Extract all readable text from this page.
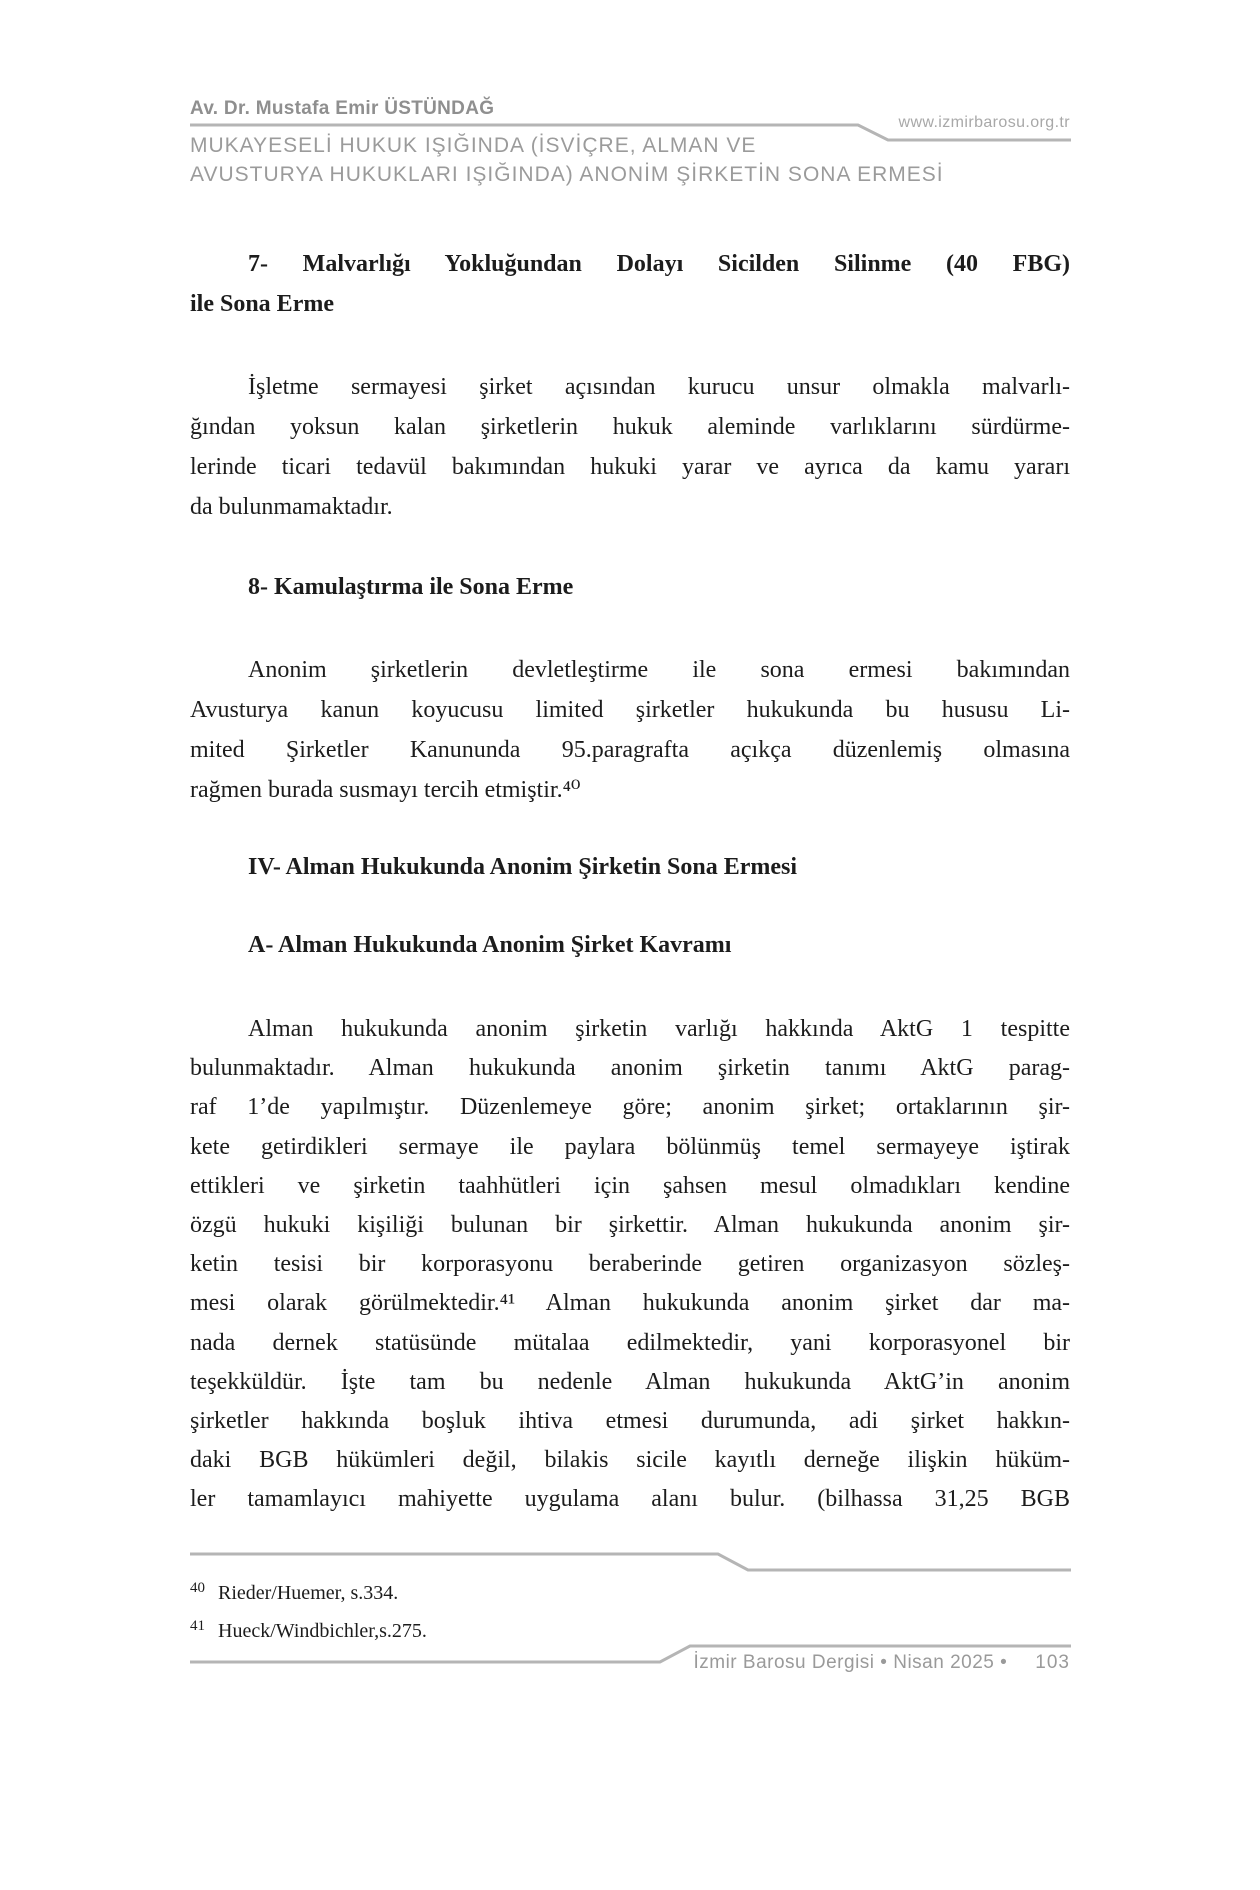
Av. Dr. Mustafa Emir ÜSTÜNDAĞ
www.izmirbarosu.org.tr
MUKAYESELİ HUKUK IŞIĞINDA (İSVİÇRE, ALMAN VE
AVUSTURYA HUKUKLARI IŞIĞINDA) ANONİM ŞİRKETİN SONA ERMESİ
7- Malvarlığı Yokluğundan Dolayı Sicilden Silinme (40 FBG)
ile Sona Erme
İşletme sermayesi şirket açısından kurucu unsur olmakla malvarlı-
ğından yoksun kalan şirketlerin hukuk aleminde varlıklarını sürdürme-
lerinde ticari tedavül bakımından hukuki yarar ve ayrıca da kamu yararı
da bulunmamaktadır.
8- Kamulaştırma ile Sona Erme
Anonim şirketlerin devletleştirme ile sona ermesi bakımından
Avusturya kanun koyucusu limited şirketler hukukunda bu hususu Li-
mited Şirketler Kanununda 95.paragrafta açıkça düzenlemiş olmasına
rağmen burada susmayı tercih etmiştir.⁴⁰
IV- Alman Hukukunda Anonim Şirketin Sona Ermesi
A- Alman Hukukunda Anonim Şirket Kavramı
Alman hukukunda anonim şirketin varlığı hakkında AktG 1 tespitte
bulunmaktadır. Alman hukukunda anonim şirketin tanımı AktG parag-
raf 1’de yapılmıştır. Düzenlemeye göre; anonim şirket; ortaklarının şir-
kete getirdikleri sermaye ile paylara bölünmüş temel sermayeye iştirak
ettikleri ve şirketin taahhütleri için şahsen mesul olmadıkları kendine
özgü hukuki kişiliği bulunan bir şirkettir. Alman hukukunda anonim şir-
ketin tesisi bir korporasyonu beraberinde getiren organizasyon sözleş-
mesi olarak görülmektedir.⁴¹ Alman hukukunda anonim şirket dar ma-
nada dernek statüsünde mütalaa edilmektedir, yani korporasyonel bir
teşekküldür. İşte tam bu nedenle Alman hukukunda AktG’in anonim
şirketler hakkında boşluk ihtiva etmesi durumunda, adi şirket hakkın-
daki BGB hükümleri değil, bilakis sicile kayıtlı derneğe ilişkin hüküm-
ler tamamlayıcı mahiyette uygulama alanı bulur. (bilhassa 31,25 BGB
$^{40}$ Rieder/Huemer, s.334.
$^{41}$ Hueck/Windbichler,s.275.
İzmir Barosu Dergisi • Nisan 2025 • 103
